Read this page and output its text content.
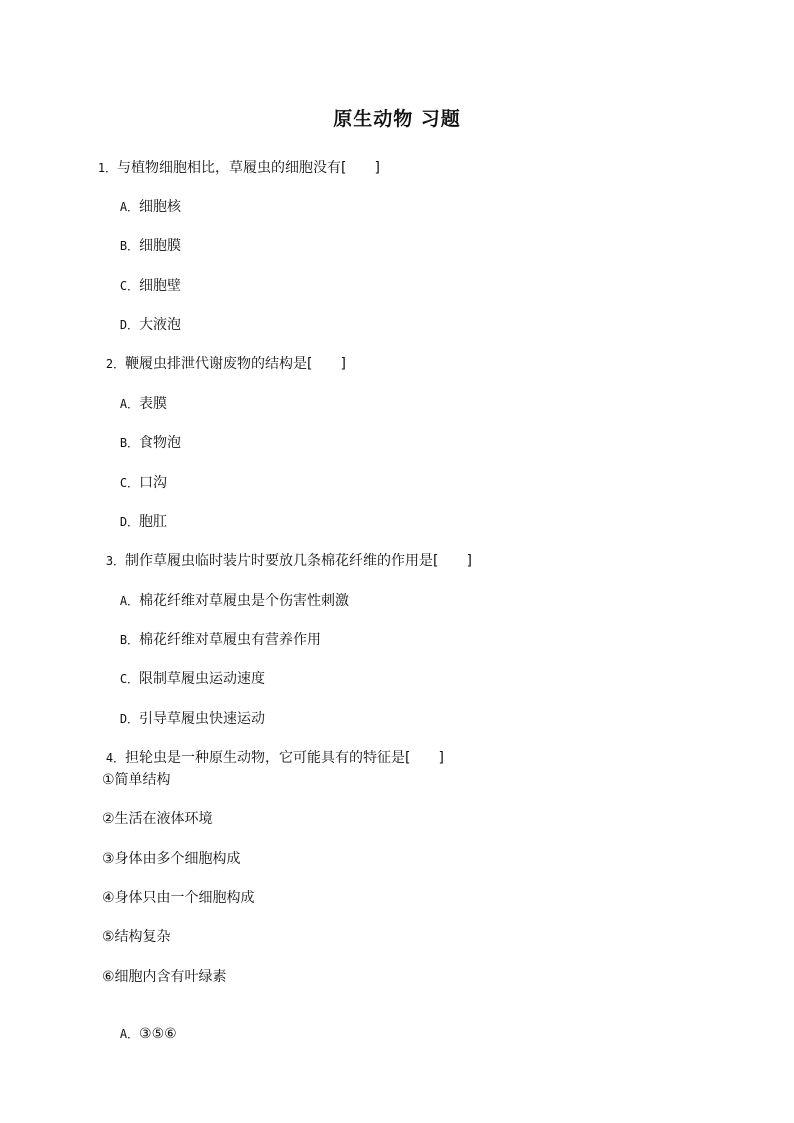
原生动物 习题

1．与植物细胞相比，草履虫的细胞没有[　　]

A．细胞核

B．细胞膜

C．细胞壁

D．大液泡

2．鞭履虫排泄代谢废物的结构是[　　]

A．表膜

B．食物泡

C．口沟

D．胞肛

3．制作草履虫临时装片时要放几条棉花纤维的作用是[　　]

A．棉花纤维对草履虫是个伤害性刺激

B．棉花纤维对草履虫有营养作用

C．限制草履虫运动速度

D．引导草履虫快速运动

4．担轮虫是一种原生动物，它可能具有的特征是[　　]

①简单结构
②生活在液体环境
③身体由多个细胞构成
④身体只由一个细胞构成
⑤结构复杂
⑥细胞内含有叶绿素

A．③⑤⑥
